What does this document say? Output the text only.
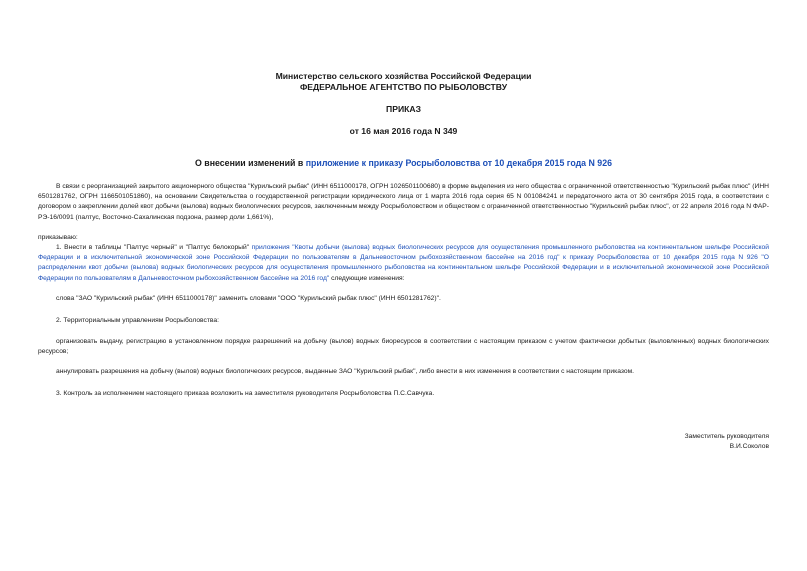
Министерство сельского хозяйства Российской Федерации
ФЕДЕРАЛЬНОЕ АГЕНТСТВО ПО РЫБОЛОВСТВУ
ПРИКАЗ
от 16 мая 2016 года N 349
О внесении изменений в приложение к приказу Росрыболовства от 10 декабря 2015 года N 926
В связи с реорганизацией закрытого акционерного общества "Курильский рыбак" (ИНН 6511000178, ОГРН 1026501100680) в форме выделения из него общества с ограниченной ответственностью "Курильский рыбак плюс" (ИНН 6501281762, ОГРН 1166501051860), на основании Свидетельства о государственной регистрации юридического лица от 1 марта 2016 года серия 65 N 001084241 и передаточного акта от 30 сентября 2015 года, в соответствии с договором о закреплении долей квот добычи (вылова) водных биологических ресурсов, заключенным между Росрыболовством и обществом с ограниченной ответственностью "Курильский рыбак плюс", от 22 апреля 2016 года N ФАР-РЭ-16/0091 (палтус, Восточно-Сахалинская подзона, размер доли 1,661%),
приказываю:
1. Внести в таблицы "Палтус черный" и "Палтус белокорый" приложения "Квоты добычи (вылова) водных биологических ресурсов для осуществления промышленного рыболовства на континентальном шельфе Российской Федерации и в исключительной экономической зоне Российской Федерации по пользователям в Дальневосточном рыбохозяйственном бассейне на 2016 год" к приказу Росрыболовства от 10 декабря 2015 года N 926 "О распределении квот добычи (вылова) водных биологических ресурсов для осуществления промышленного рыболовства на континентальном шельфе Российской Федерации и в исключительной экономической зоне Российской Федерации по пользователям в Дальневосточном рыбохозяйственном бассейне на 2016 год" следующие изменения:
слова "ЗАО "Курильский рыбак" (ИНН 6511000178)" заменить словами "ООО "Курильский рыбак плюс" (ИНН 6501281762)".
2. Территориальным управлениям Росрыболовства:
организовать выдачу, регистрацию в установленном порядке разрешений на добычу (вылов) водных биоресурсов в соответствии с настоящим приказом с учетом фактически добытых (выловленных) водных биологических ресурсов;
аннулировать разрешения на добычу (вылов) водных биологических ресурсов, выданные ЗАО "Курильский рыбак", либо внести в них изменения в соответствии с настоящим приказом.
3. Контроль за исполнением настоящего приказа возложить на заместителя руководителя Росрыболовства П.С.Савчука.
Заместитель руководителя
В.И.Соколов
